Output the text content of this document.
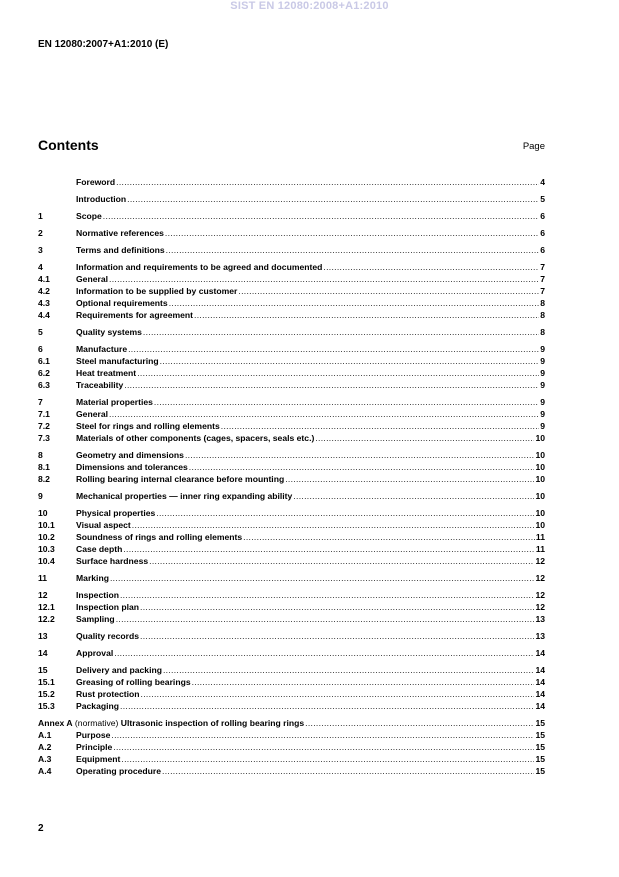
SIST EN 12080:2008+A1:2010
EN 12080:2007+A1:2010 (E)
Contents	Page
Foreword .....	4
Introduction .....	5
1	Scope .....	6
2	Normative references .....	6
3	Terms and definitions .....	6
4	Information and requirements to be agreed and documented .....	7
4.1	General .....	7
4.2	Information to be supplied by customer .....	7
4.3	Optional requirements .....	8
4.4	Requirements for agreement .....	8
5	Quality systems .....	8
6	Manufacture .....	9
6.1	Steel manufacturing .....	9
6.2	Heat treatment .....	9
6.3	Traceability .....	9
7	Material properties .....	9
7.1	General .....	9
7.2	Steel for rings and rolling elements .....	9
7.3	Materials of other components (cages, spacers, seals etc.) .....	10
8	Geometry and dimensions .....	10
8.1	Dimensions and tolerances .....	10
8.2	Rolling bearing internal clearance before mounting .....	10
9	Mechanical properties — inner ring expanding ability .....	10
10	Physical properties .....	10
10.1	Visual aspect .....	10
10.2	Soundness of rings and rolling elements .....	11
10.3	Case depth .....	11
10.4	Surface hardness .....	12
11	Marking .....	12
12	Inspection .....	12
12.1	Inspection plan .....	12
12.2	Sampling .....	13
13	Quality records .....	13
14	Approval .....	14
15	Delivery and packing .....	14
15.1	Greasing of rolling bearings .....	14
15.2	Rust protection .....	14
15.3	Packaging .....	14
Annex A (normative) Ultrasonic inspection of rolling bearing rings .....	15
A.1	Purpose .....	15
A.2	Principle .....	15
A.3	Equipment .....	15
A.4	Operating procedure .....	15
2
